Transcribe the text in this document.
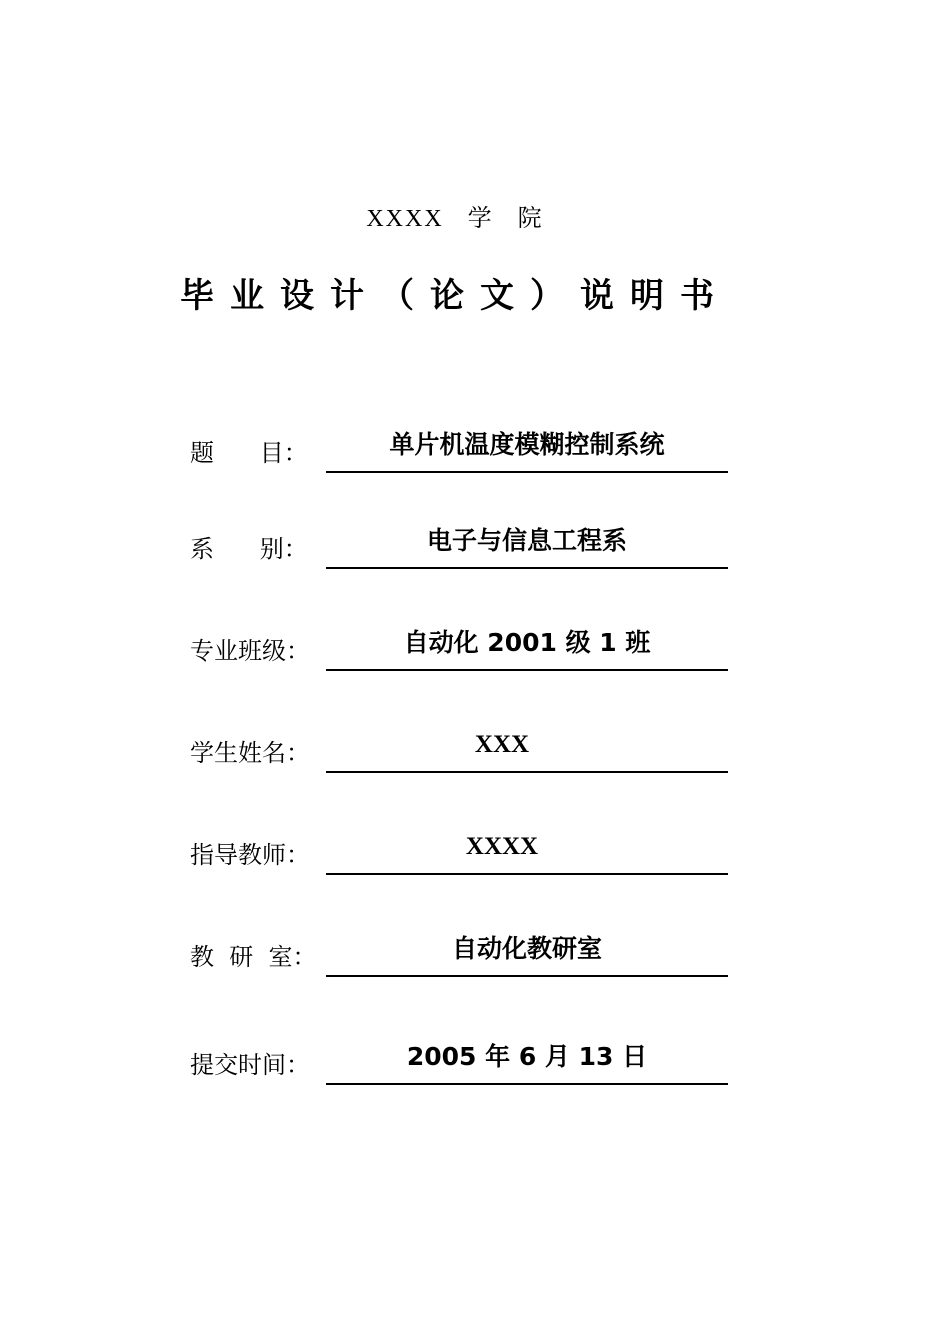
XXXX 学 院
毕业设计（论文）说明书
题      目：	单片机温度模糊控制系统
系      别：	电子与信息工程系
专业班级：	自动化 2001 级 1 班
学生姓名：	XXX
指导教师：	XXXX
教  研  室：	自动化教研室
提交时间：	2005 年 6 月 13 日
